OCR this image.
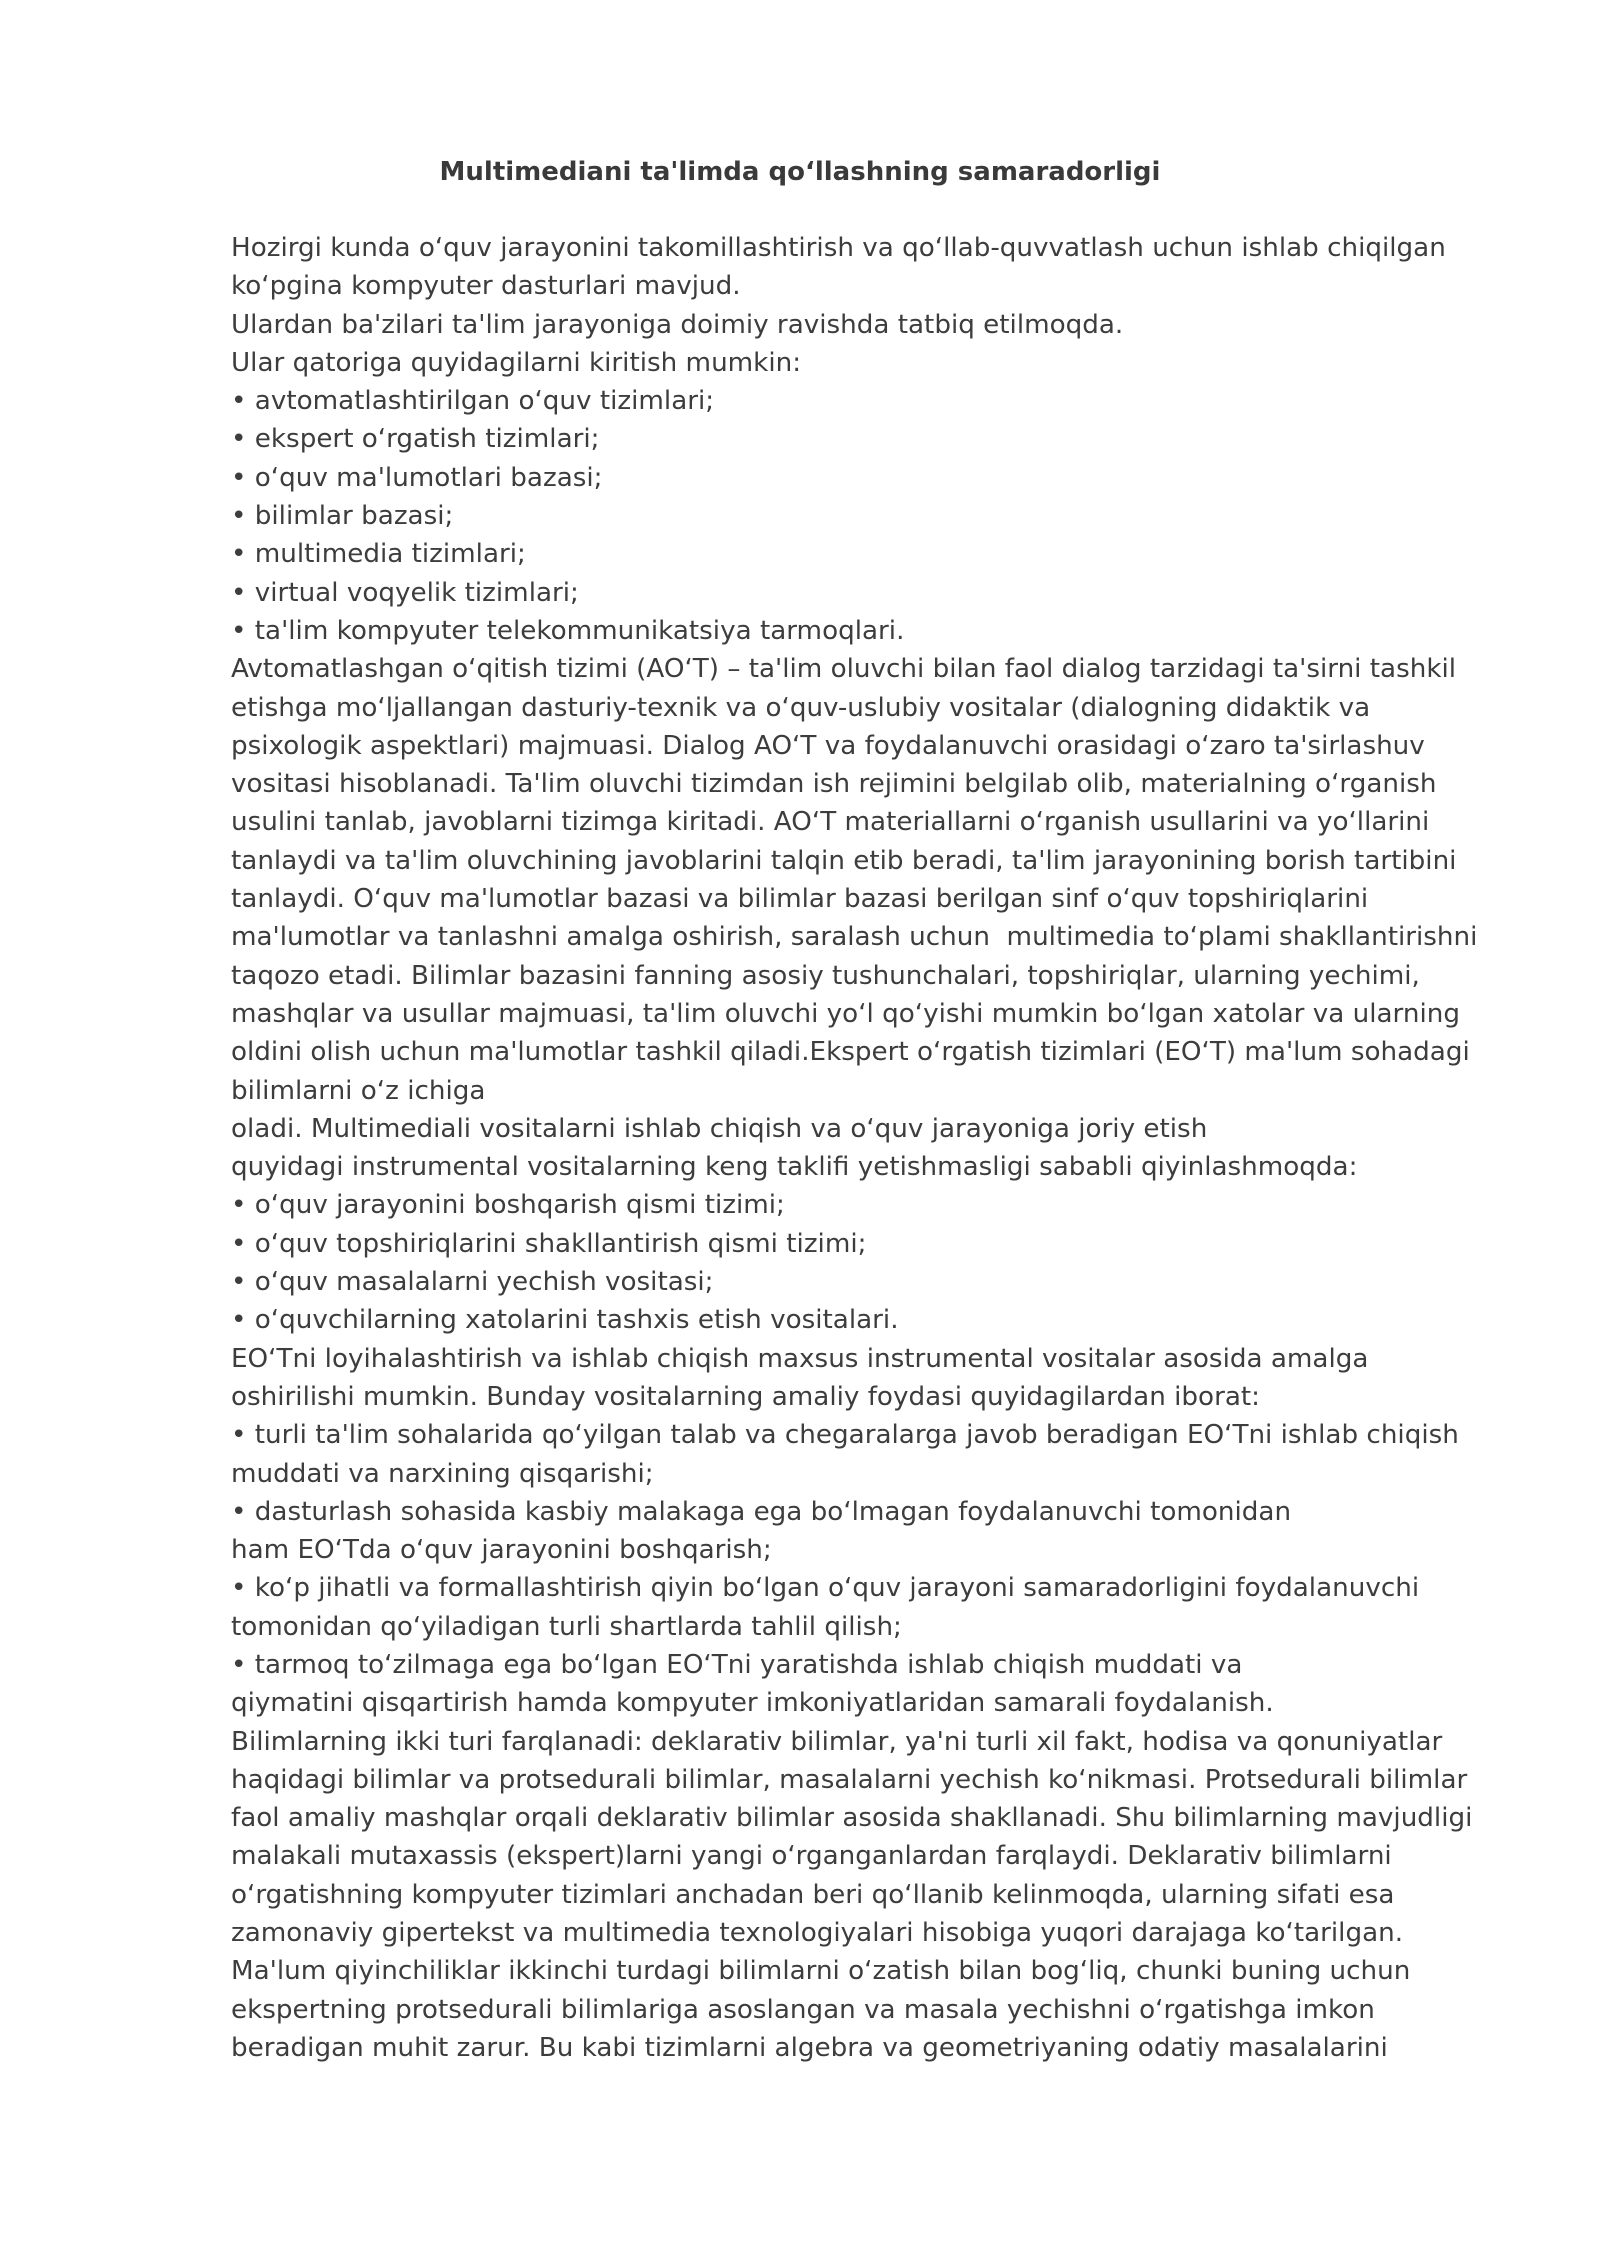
Multimediani ta'limda qo‘llashning samaradorligi
Hozirgi kunda o‘quv jarayonini takomillashtirish va qo‘llab-quvvatlash uchun ishlab chiqilgan
ko‘pgina kompyuter dasturlari mavjud.
Ulardan ba'zilari ta'lim jarayoniga doimiy ravishda tatbiq etilmoqda.
Ular qatoriga quyidagilarni kiritish mumkin:
• avtomatlashtirilgan o‘quv tizimlari;
• ekspert o‘rgatish tizimlari;
• o‘quv ma'lumotlari bazasi;
• bilimlar bazasi;
• multimedia tizimlari;
• virtual voqyelik tizimlari;
• ta'lim kompyuter telekommunikatsiya tarmoqlari.
Avtomatlashgan o‘qitish tizimi (AO‘T) – ta'lim oluvchi bilan faol dialog tarzidagi ta'sirni tashkil
etishga mo‘ljallangan dasturiy-texnik va o‘quv-uslubiy vositalar (dialogning didaktik va
psixologik aspektlari) majmuasi. Dialog AO‘T va foydalanuvchi orasidagi o‘zaro ta'sirlashuv
vositasi hisoblanadi. Ta'lim oluvchi tizimdan ish rejimini belgilab olib, materialning o‘rganish
usulini tanlab, javoblarni tizimga kiritadi. AO‘T materiallarni o‘rganish usullarini va yo‘llarini
tanlaydi va ta'lim oluvchining javoblarini talqin etib beradi, ta'lim jarayonining borish tartibini
tanlaydi. O‘quv ma'lumotlar bazasi va bilimlar bazasi berilgan sinf o‘quv topshiriqlarini
ma'lumotlar va tanlashni amalga oshirish, saralash uchun  multimedia to‘plami shakllantirishni
taqozo etadi. Bilimlar bazasini fanning asosiy tushunchalari, topshiriqlar, ularning yechimi,
mashqlar va usullar majmuasi, ta'lim oluvchi yo‘l qo‘yishi mumkin bo‘lgan xatolar va ularning
oldini olish uchun ma'lumotlar tashkil qiladi.Ekspert o‘rgatish tizimlari (EO‘T) ma'lum sohadagi
bilimlarni o‘z ichiga
oladi. Multimediali vositalarni ishlab chiqish va o‘quv jarayoniga joriy etish
quyidagi instrumental vositalarning keng taklifi yetishmasligi sababli qiyinlashmoqda:
• o‘quv jarayonini boshqarish qismi tizimi;
• o‘quv topshiriqlarini shakllantirish qismi tizimi;
• o‘quv masalalarni yechish vositasi;
• o‘quvchilarning xatolarini tashxis etish vositalari.
EO‘Tni loyihalashtirish va ishlab chiqish maxsus instrumental vositalar asosida amalga
oshirilishi mumkin. Bunday vositalarning amaliy foydasi quyidagilardan iborat:
• turli ta'lim sohalarida qo‘yilgan talab va chegaralarga javob beradigan EO‘Tni ishlab chiqish
muddati va narxining qisqarishi;
• dasturlash sohasida kasbiy malakaga ega bo‘lmagan foydalanuvchi tomonidan
ham EO‘Tda o‘quv jarayonini boshqarish;
• ko‘p jihatli va formallashtirish qiyin bo‘lgan o‘quv jarayoni samaradorligini foydalanuvchi
tomonidan qo‘yiladigan turli shartlarda tahlil qilish;
• tarmoq to‘zilmaga ega bo‘lgan EO‘Tni yaratishda ishlab chiqish muddati va
qiymatini qisqartirish hamda kompyuter imkoniyatlaridan samarali foydalanish.
Bilimlarning ikki turi farqlanadi: deklarativ bilimlar, ya'ni turli xil fakt, hodisa va qonuniyatlar
haqidagi bilimlar va protsedurali bilimlar, masalalarni yechish ko‘nikmasi. Protsedurali bilimlar
faol amaliy mashqlar orqali deklarativ bilimlar asosida shakllanadi. Shu bilimlarning mavjudligi
malakali mutaxassis (ekspert)larni yangi o‘rganganlardan farqlaydi. Deklarativ bilimlarni
o‘rgatishning kompyuter tizimlari anchadan beri qo‘llanib kelinmoqda, ularning sifati esa
zamonaviy gipertekst va multimedia texnologiyalari hisobiga yuqori darajaga ko‘tarilgan.
Ma'lum qiyinchiliklar ikkinchi turdagi bilimlarni o‘zatish bilan bog‘liq, chunki buning uchun
ekspertning protsedurali bilimlariga asoslangan va masala yechishni o‘rgatishga imkon
beradigan muhit zarur. Bu kabi tizimlarni algebra va geometriyaning odatiy masalalarini
